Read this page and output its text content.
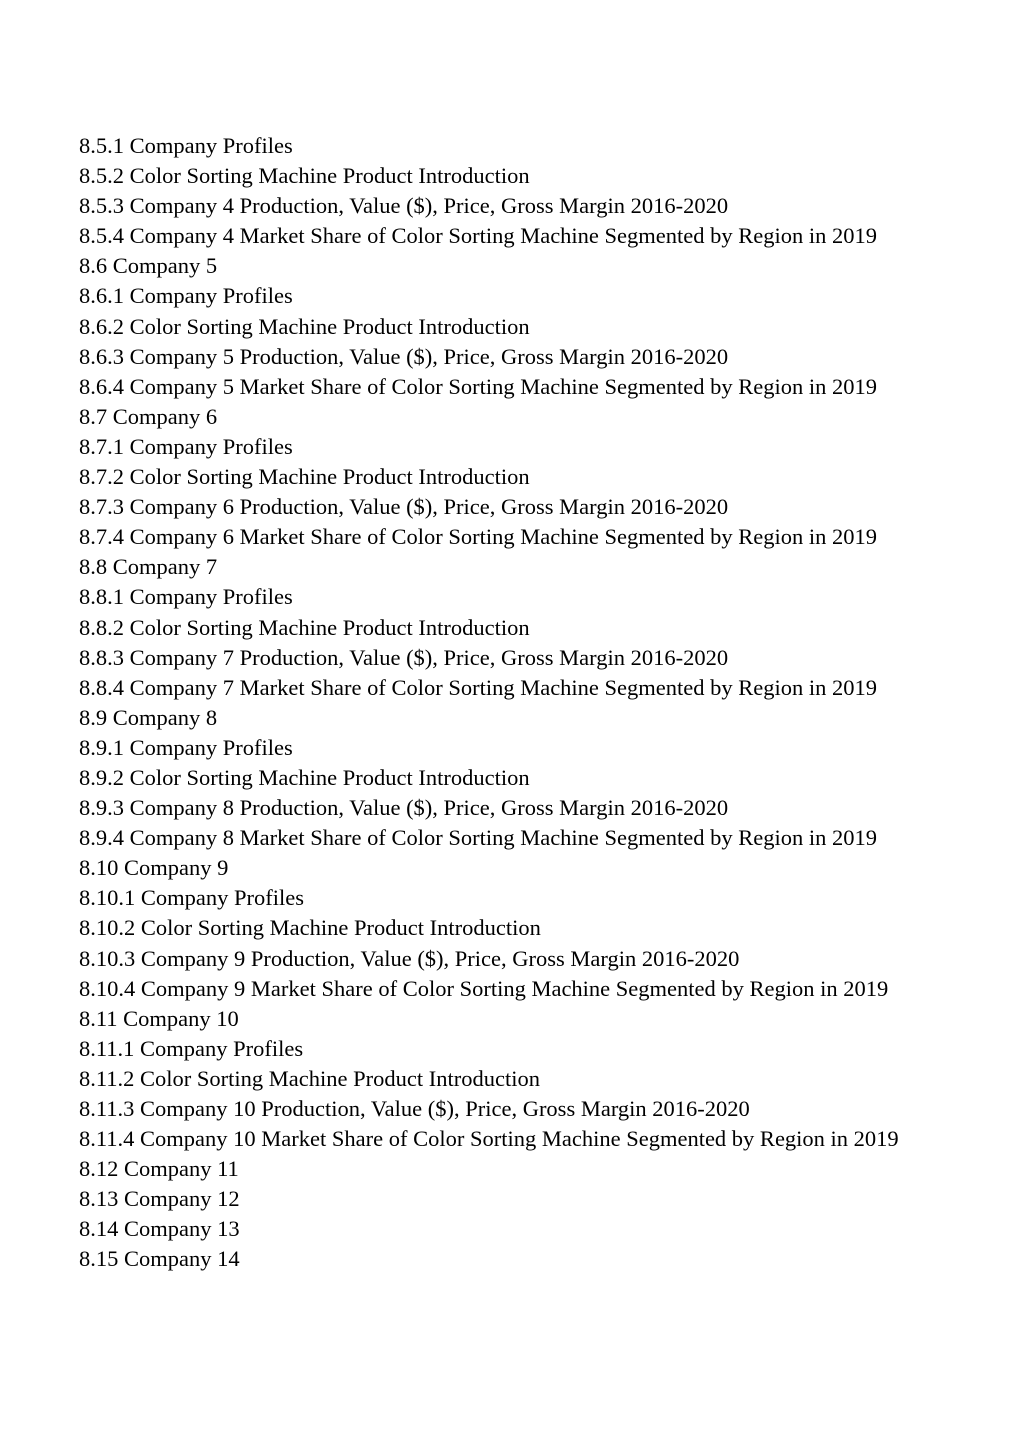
8.5.1 Company Profiles
8.5.2 Color Sorting Machine Product Introduction
8.5.3 Company 4 Production, Value ($), Price, Gross Margin 2016-2020
8.5.4 Company 4 Market Share of Color Sorting Machine Segmented by Region in 2019
8.6 Company 5
8.6.1 Company Profiles
8.6.2 Color Sorting Machine Product Introduction
8.6.3 Company 5 Production, Value ($), Price, Gross Margin 2016-2020
8.6.4 Company 5 Market Share of Color Sorting Machine Segmented by Region in 2019
8.7 Company 6
8.7.1 Company Profiles
8.7.2 Color Sorting Machine Product Introduction
8.7.3 Company 6 Production, Value ($), Price, Gross Margin 2016-2020
8.7.4 Company 6 Market Share of Color Sorting Machine Segmented by Region in 2019
8.8 Company 7
8.8.1 Company Profiles
8.8.2 Color Sorting Machine Product Introduction
8.8.3 Company 7 Production, Value ($), Price, Gross Margin 2016-2020
8.8.4 Company 7 Market Share of Color Sorting Machine Segmented by Region in 2019
8.9 Company 8
8.9.1 Company Profiles
8.9.2 Color Sorting Machine Product Introduction
8.9.3 Company 8 Production, Value ($), Price, Gross Margin 2016-2020
8.9.4 Company 8 Market Share of Color Sorting Machine Segmented by Region in 2019
8.10 Company 9
8.10.1 Company Profiles
8.10.2 Color Sorting Machine Product Introduction
8.10.3 Company 9 Production, Value ($), Price, Gross Margin 2016-2020
8.10.4 Company 9 Market Share of Color Sorting Machine Segmented by Region in 2019
8.11 Company 10
8.11.1 Company Profiles
8.11.2 Color Sorting Machine Product Introduction
8.11.3 Company 10 Production, Value ($), Price, Gross Margin 2016-2020
8.11.4 Company 10 Market Share of Color Sorting Machine Segmented by Region in 2019
8.12 Company 11
8.13 Company 12
8.14 Company 13
8.15 Company 14
